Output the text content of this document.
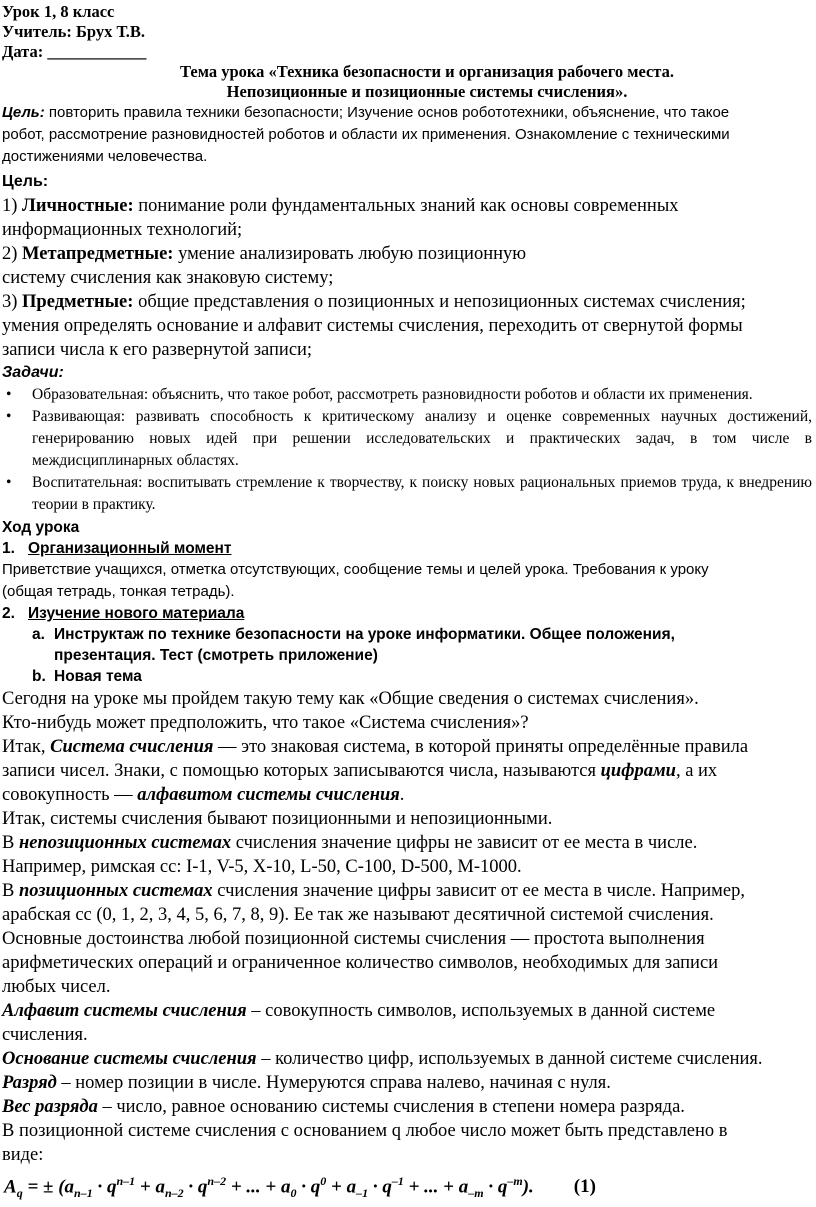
Урок 1, 8 класс
Учитель: Брух Т.В.
Дата: ____________
Тема урока «Техника безопасности и организация рабочего места.
Непозиционные и позиционные системы счисления».
Цель: повторить правила техники безопасности; Изучение основ робототехники, объяснение, что такое
робот, рассмотрение разновидностей роботов и области их применения. Ознакомление с техническими
достижениями человечества.
Цель:
1) Личностные: понимание роли фундаментальных знаний как основы современных
информационных технологий;
2) Метапредметные: умение анализировать любую позиционную
систему счисления как знаковую систему;
3) Предметные: общие представления о позиционных и непозиционных системах счисления;
умения определять основание и алфавит системы счисления, переходить от свернутой формы
записи числа к его развернутой записи;
Задачи:
• Образовательная: объяснить, что такое робот, рассмотреть разновидности роботов и области их применения.
• Развивающая: развивать способность к критическому анализу и оценке современных научных достижений, генерированию новых идей при решении исследовательских и практических задач, в том числе в междисциплинарных областях.
• Воспитательная: воспитывать стремление к творчеству, к поиску новых рациональных приемов труда, к внедрению теории в практику.
Ход урока
1. Организационный момент
Приветствие учащихся, отметка отсутствующих, сообщение темы и целей урока. Требования к уроку
(общая тетрадь, тонкая тетрадь).
2. Изучение нового материала
a. Инструктаж по технике безопасности на уроке информатики. Общее положения,
презентация. Тест (смотреть приложение)
b. Новая тема
Сегодня на уроке мы пройдем такую тему как «Общие сведения о системах счисления».
Кто-нибудь может предположить, что такое «Система счисления»?
Итак, Система счисления — это знаковая система, в которой приняты определённые правила
записи чисел. Знаки, с помощью которых записываются числа, называются цифрами, а их
совокупность — алфавитом системы счисления.
Итак, системы счисления бывают позиционными и непозиционными.
В непозиционных системах счисления значение цифры не зависит от ее места в числе.
Например, римская сс: I-1, V-5, X-10, L-50, C-100, D-500, M-1000.
В позиционных системах счисления значение цифры зависит от ее места в числе. Например,
арабская сс (0, 1, 2, 3, 4, 5, 6, 7, 8, 9). Ее так же называют десятичной системой счисления.
Основные достоинства любой позиционной системы счисления — простота выполнения
арифметических операций и ограниченное количество символов, необходимых для записи
любых чисел.
Алфавит системы счисления – совокупность символов, используемых в данной системе
счисления.
Основание системы счисления – количество цифр, используемых в данной системе счисления.
Разряд – номер позиции в числе. Нумеруются справа налево, начиная с нуля.
Вес разряда – число, равное основанию системы счисления в степени номера разряда.
В позиционной системе счисления с основанием q любое число может быть представлено в
виде:
$A_q$ = ± ($a_{n-1} \cdot q^{n-1} + a_{n-2} \cdot q^{n-2}$ + ... + $a_0 \cdot q^0 + a_{-1} \cdot q^{-1}$ + ... + $a_{-m} \cdot q^{-m}$). (1)
